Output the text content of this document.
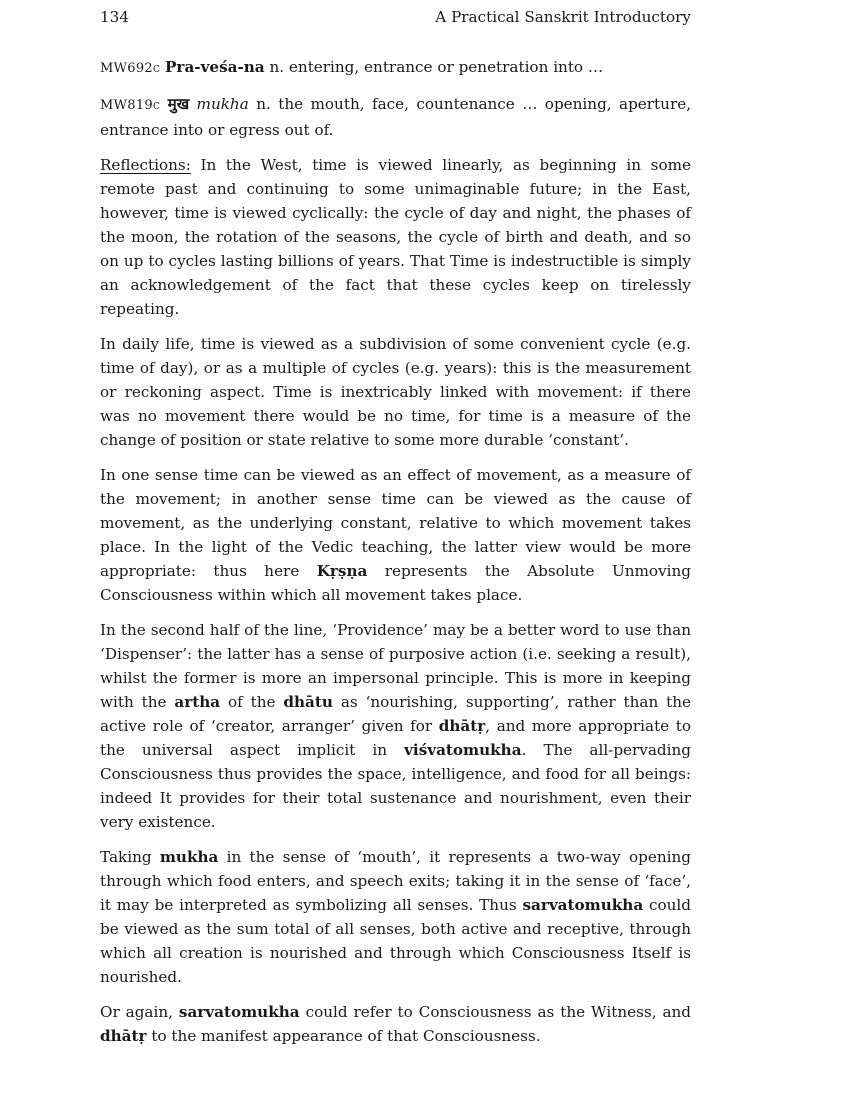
134	A Practical Sanskrit Introductory

MW692c Pra-veśa-na n. entering, entrance or penetration into …

MW819c मुख mukha n. the mouth, face, countenance … opening, aperture, entrance into or egress out of.

Reflections: In the West, time is viewed linearly, as beginning in some remote past and continuing to some unimaginable future; in the East, however, time is viewed cyclically: the cycle of day and night, the phases of the moon, the rotation of the seasons, the cycle of birth and death, and so on up to cycles lasting billions of years. That Time is indestructible is simply an acknowledgement of the fact that these cycles keep on tirelessly repeating.

In daily life, time is viewed as a subdivision of some convenient cycle (e.g. time of day), or as a multiple of cycles (e.g. years): this is the measurement or reckoning aspect. Time is inextricably linked with movement: if there was no movement there would be no time, for time is a measure of the change of position or state relative to some more durable ‘constant’.

In one sense time can be viewed as an effect of movement, as a measure of the movement; in another sense time can be viewed as the cause of movement, as the underlying constant, relative to which movement takes place. In the light of the Vedic teaching, the latter view would be more appropriate: thus here Kṛṣṇa represents the Absolute Unmoving Consciousness within which all movement takes place.

In the second half of the line, ‘Providence’ may be a better word to use than ‘Dispenser’: the latter has a sense of purposive action (i.e. seeking a result), whilst the former is more an impersonal principle. This is more in keeping with the artha of the dhātu as ‘nourishing, supporting’, rather than the active role of ‘creator, arranger’ given for dhātṛ, and more appropriate to the universal aspect implicit in viśvatomukha. The all-pervading Consciousness thus provides the space, intelligence, and food for all beings: indeed It provides for their total sustenance and nourishment, even their very existence.

Taking mukha in the sense of ‘mouth’, it represents a two-way opening through which food enters, and speech exits; taking it in the sense of ‘face’, it may be interpreted as symbolizing all senses. Thus sarvatomukha could be viewed as the sum total of all senses, both active and receptive, through which all creation is nourished and through which Consciousness Itself is nourished.

Or again, sarvatomukha could refer to Consciousness as the Witness, and dhātṛ to the manifest appearance of that Consciousness.
